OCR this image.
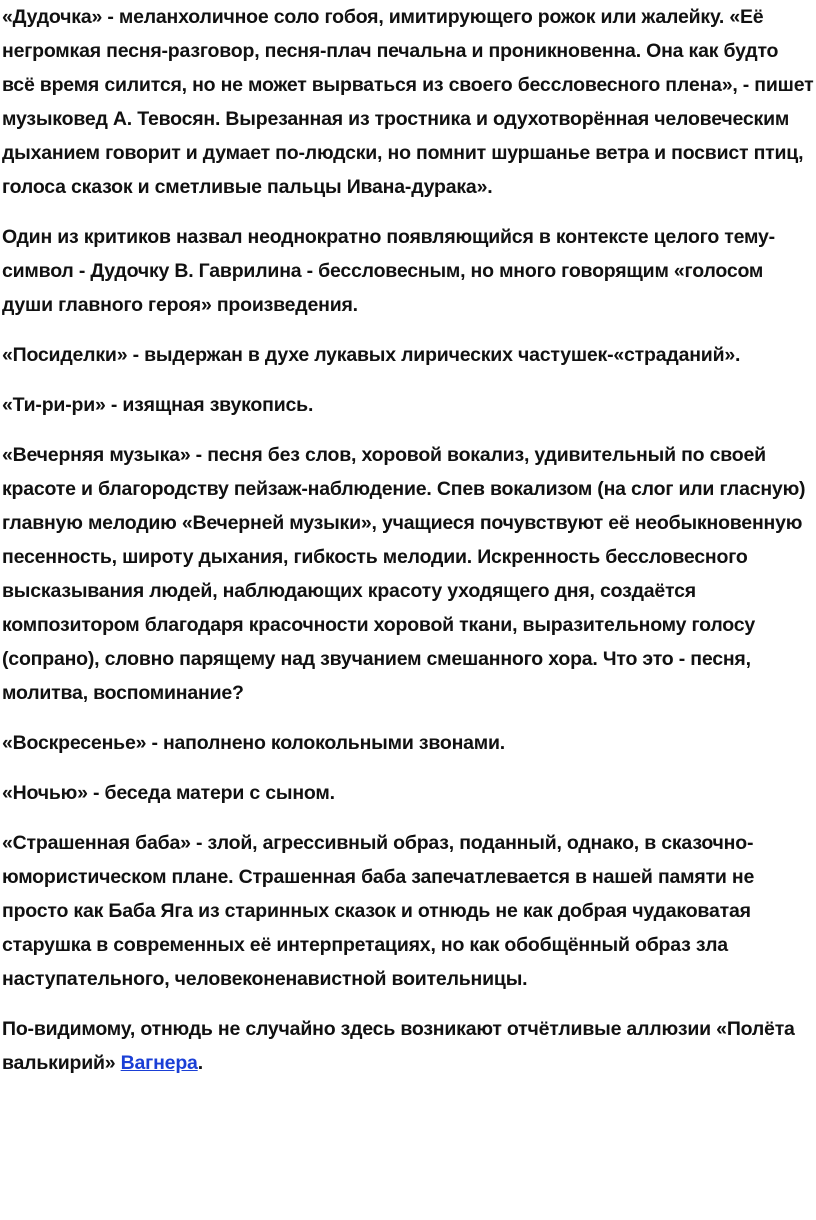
«Дудочка» - меланхоличное соло гобоя, имитирующего рожок или жалейку. «Её негромкая песня-разговор, песня-плач печальна и проникновенна. Она как будто всё время силится, но не может вырваться из своего бессловесного плена», - пишет музыковед А. Тевосян. Вырезанная из тростника и одухотворённая человеческим дыханием говорит и думает по-людски, но помнит шуршанье ветра и посвист птиц, голоса сказок и сметливые пальцы Ивана-дурака».

Один из критиков назвал неоднократно появляющийся в контексте целого тему-символ - Дудочку В. Гаврилина - бессловесным, но много говорящим «голосом души главного героя» произведения.

«Посиделки» - выдержан в духе лукавых лирических частушек-«страданий».

«Ти-ри-ри» - изящная звукопись.

«Вечерняя музыка» - песня без слов, хоровой вокализ, удивительный по своей красоте и благородству пейзаж-наблюдение. Спев вокализом (на слог или гласную) главную мелодию «Вечерней музыки», учащиеся почувствуют её необыкновенную песенность, широту дыхания, гибкость мелодии. Искренность бессловесного высказывания людей, наблюдающих красоту уходящего дня, создаётся композитором благодаря красочности хоровой ткани, выразительному голосу (сопрано), словно парящему над звучанием смешанного хора. Что это - песня, молитва, воспоминание?

«Воскресенье» - наполнено колокольными звонами.

«Ночью» - беседа матери с сыном.

«Страшенная баба» - злой, агрессивный образ, поданный, однако, в сказочно-юмористическом плане. Страшенная баба запечатлевается в нашей памяти не просто как Баба Яга из старинных сказок и отнюдь не как добрая чудаковатая старушка в современных её интерпретациях, но как обобщённый образ зла наступательного, человеконенавистной воительницы.

По-видимому, отнюдь не случайно здесь возникают отчётливые аллюзии «Полёта валькирий» Вагнера.
